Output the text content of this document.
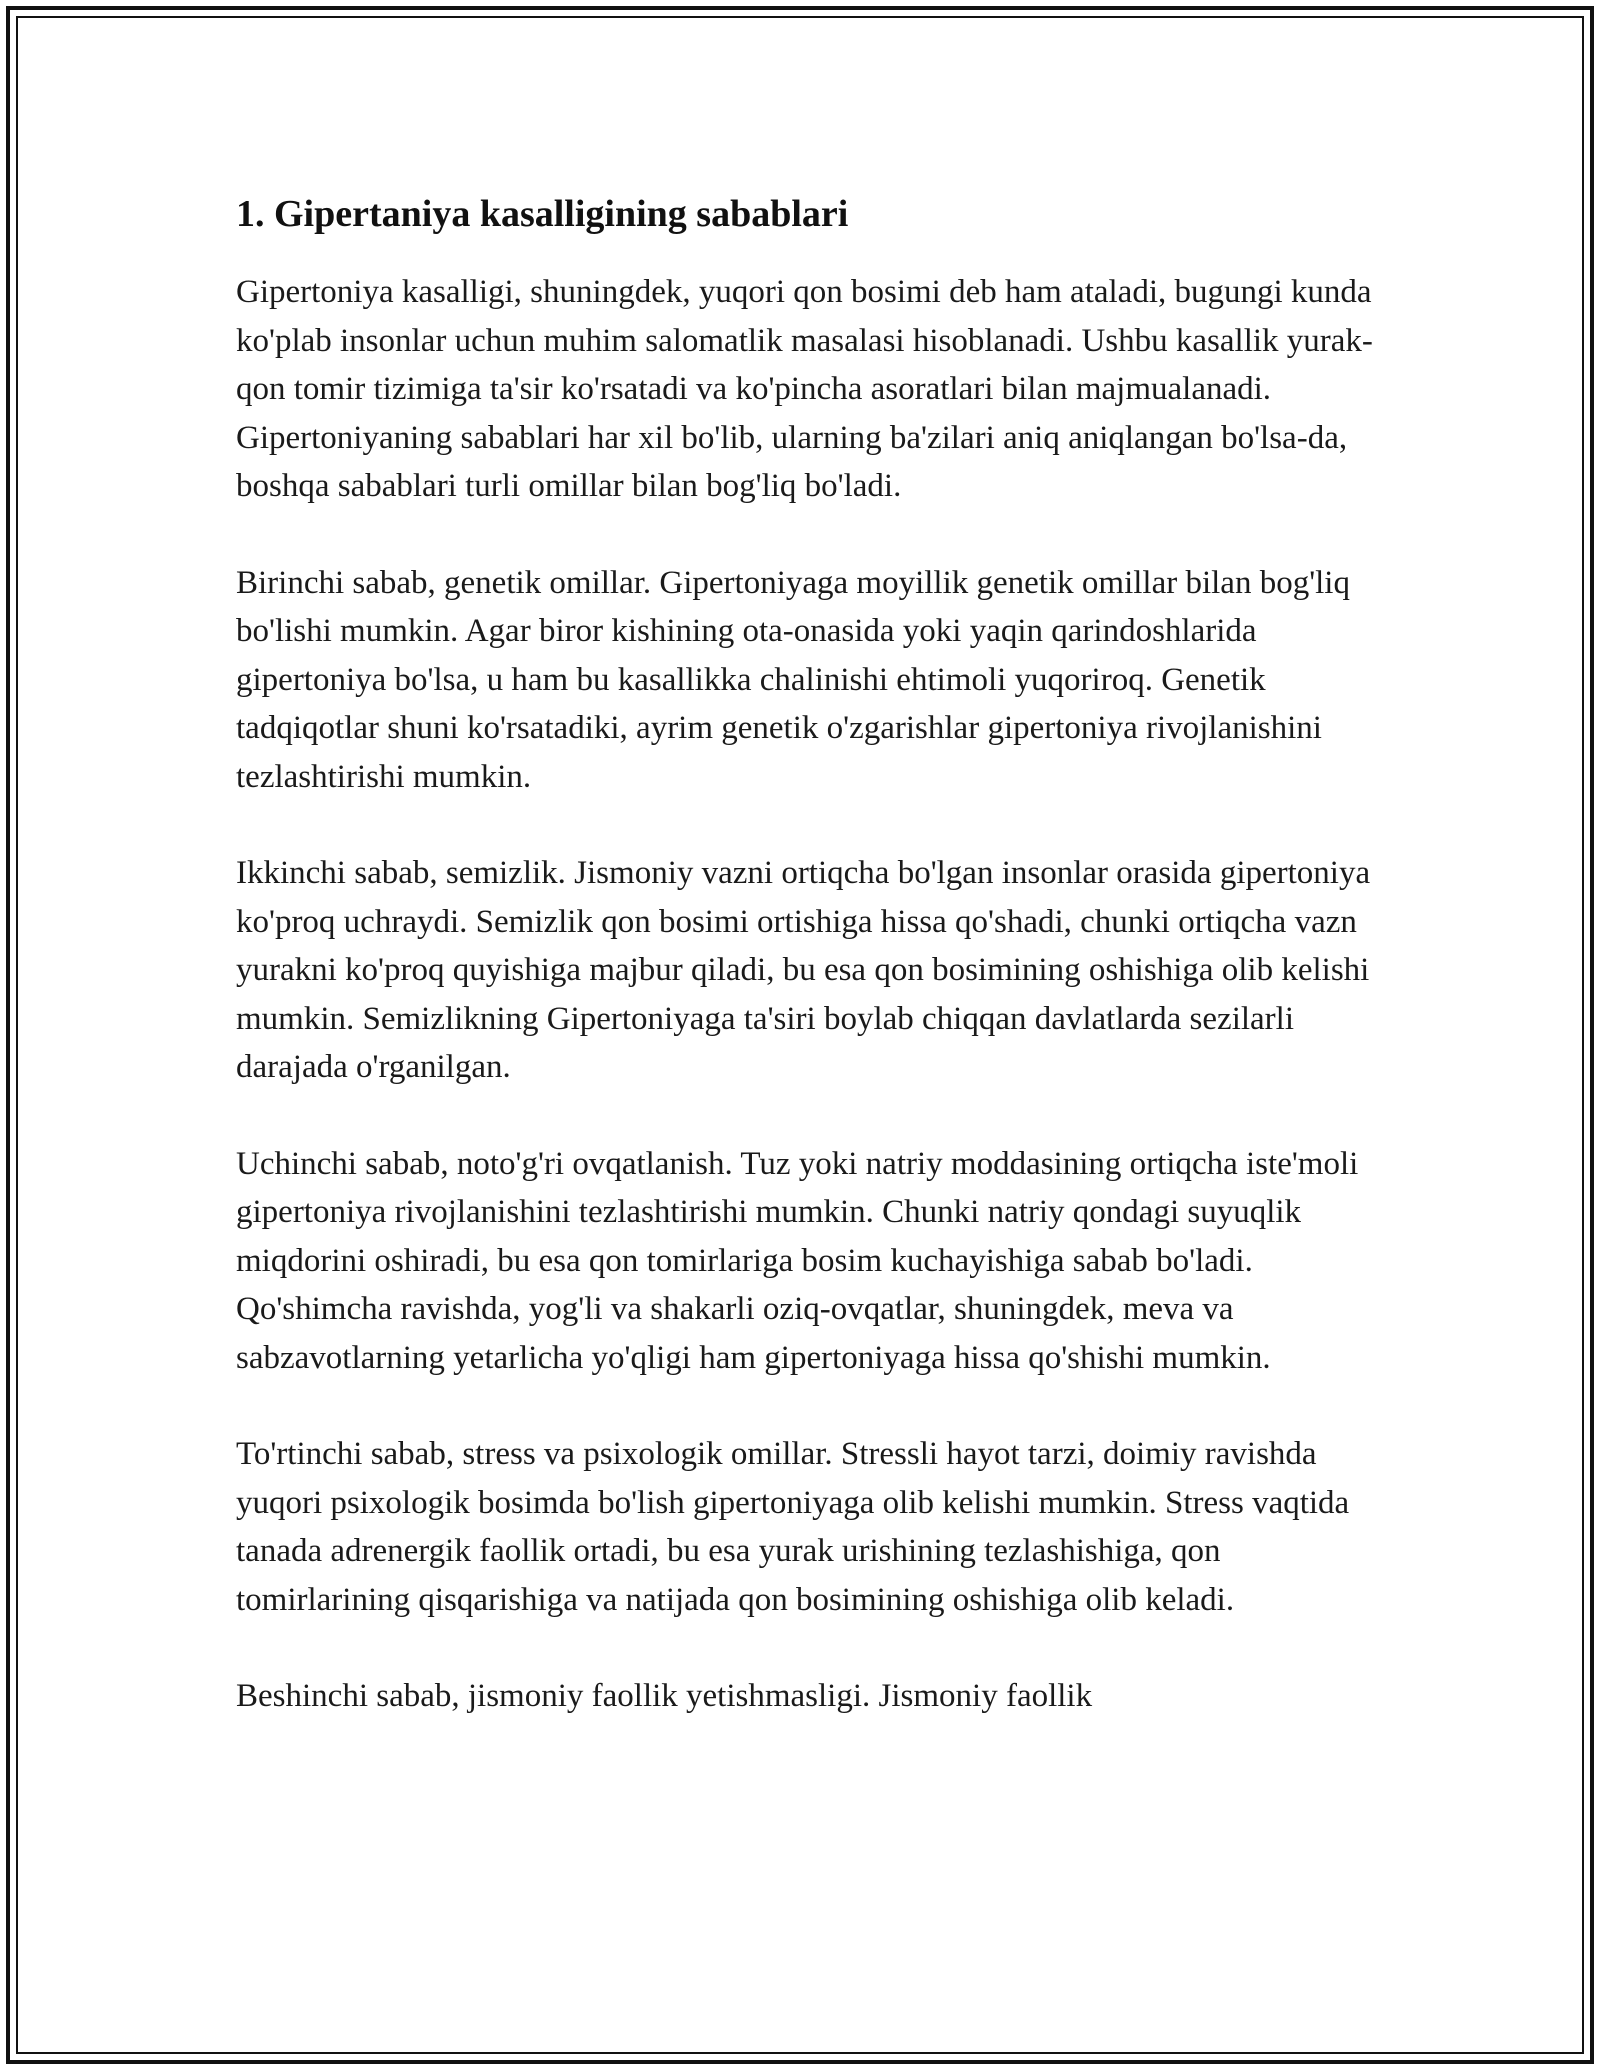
1. Gipertaniya kasalligining sabablari

Gipertoniya kasalligi, shuningdek, yuqori qon bosimi deb ham ataladi, bugungi kunda ko'plab insonlar uchun muhim salomatlik masalasi hisoblanadi. Ushbu kasallik yurak-qon tomir tizimiga ta'sir ko'rsatadi va ko'pincha asoratlari bilan majmualanadi. Gipertoniyaning sabablari har xil bo'lib, ularning ba'zilari aniq aniqlangan bo'lsa-da, boshqa sabablari turli omillar bilan bog'liq bo'ladi.

Birinchi sabab, genetik omillar. Gipertoniyaga moyillik genetik omillar bilan bog'liq bo'lishi mumkin. Agar biror kishining ota-onasida yoki yaqin qarindoshlarida gipertoniya bo'lsa, u ham bu kasallikka chalinishi ehtimoli yuqoriroq. Genetik tadqiqotlar shuni ko'rsatadiki, ayrim genetik o'zgarishlar gipertoniya rivojlanishini tezlashtirishi mumkin.

Ikkinchi sabab, semizlik. Jismoniy vazni ortiqcha bo'lgan insonlar orasida gipertoniya ko'proq uchraydi. Semizlik qon bosimi ortishiga hissa qo'shadi, chunki ortiqcha vazn yurakni ko'proq quyishiga majbur qiladi, bu esa qon bosimining oshishiga olib kelishi mumkin. Semizlikning Gipertoniyaga ta'siri boylab chiqqan davlatlarda sezilarli darajada o'rganilgan.

Uchinchi sabab, noto'g'ri ovqatlanish. Tuz yoki natriy moddasining ortiqcha iste'moli gipertoniya rivojlanishini tezlashtirishi mumkin. Chunki natriy qondagi suyuqlik miqdorini oshiradi, bu esa qon tomirlariga bosim kuchayishiga sabab bo'ladi. Qo'shimcha ravishda, yog'li va shakarli oziq-ovqatlar, shuningdek, meva va sabzavotlarning yetarlicha yo'qligi ham gipertoniyaga hissa qo'shishi mumkin.

To'rtinchi sabab, stress va psixologik omillar. Stressli hayot tarzi, doimiy ravishda yuqori psixologik bosimda bo'lish gipertoniyaga olib kelishi mumkin. Stress vaqtida tanada adrenergik faollik ortadi, bu esa yurak urishining tezlashishiga, qon tomirlarining qisqarishiga va natijada qon bosimining oshishiga olib keladi.

Beshinchi sabab, jismoniy faollik yetishmasligi. Jismoniy faollik
